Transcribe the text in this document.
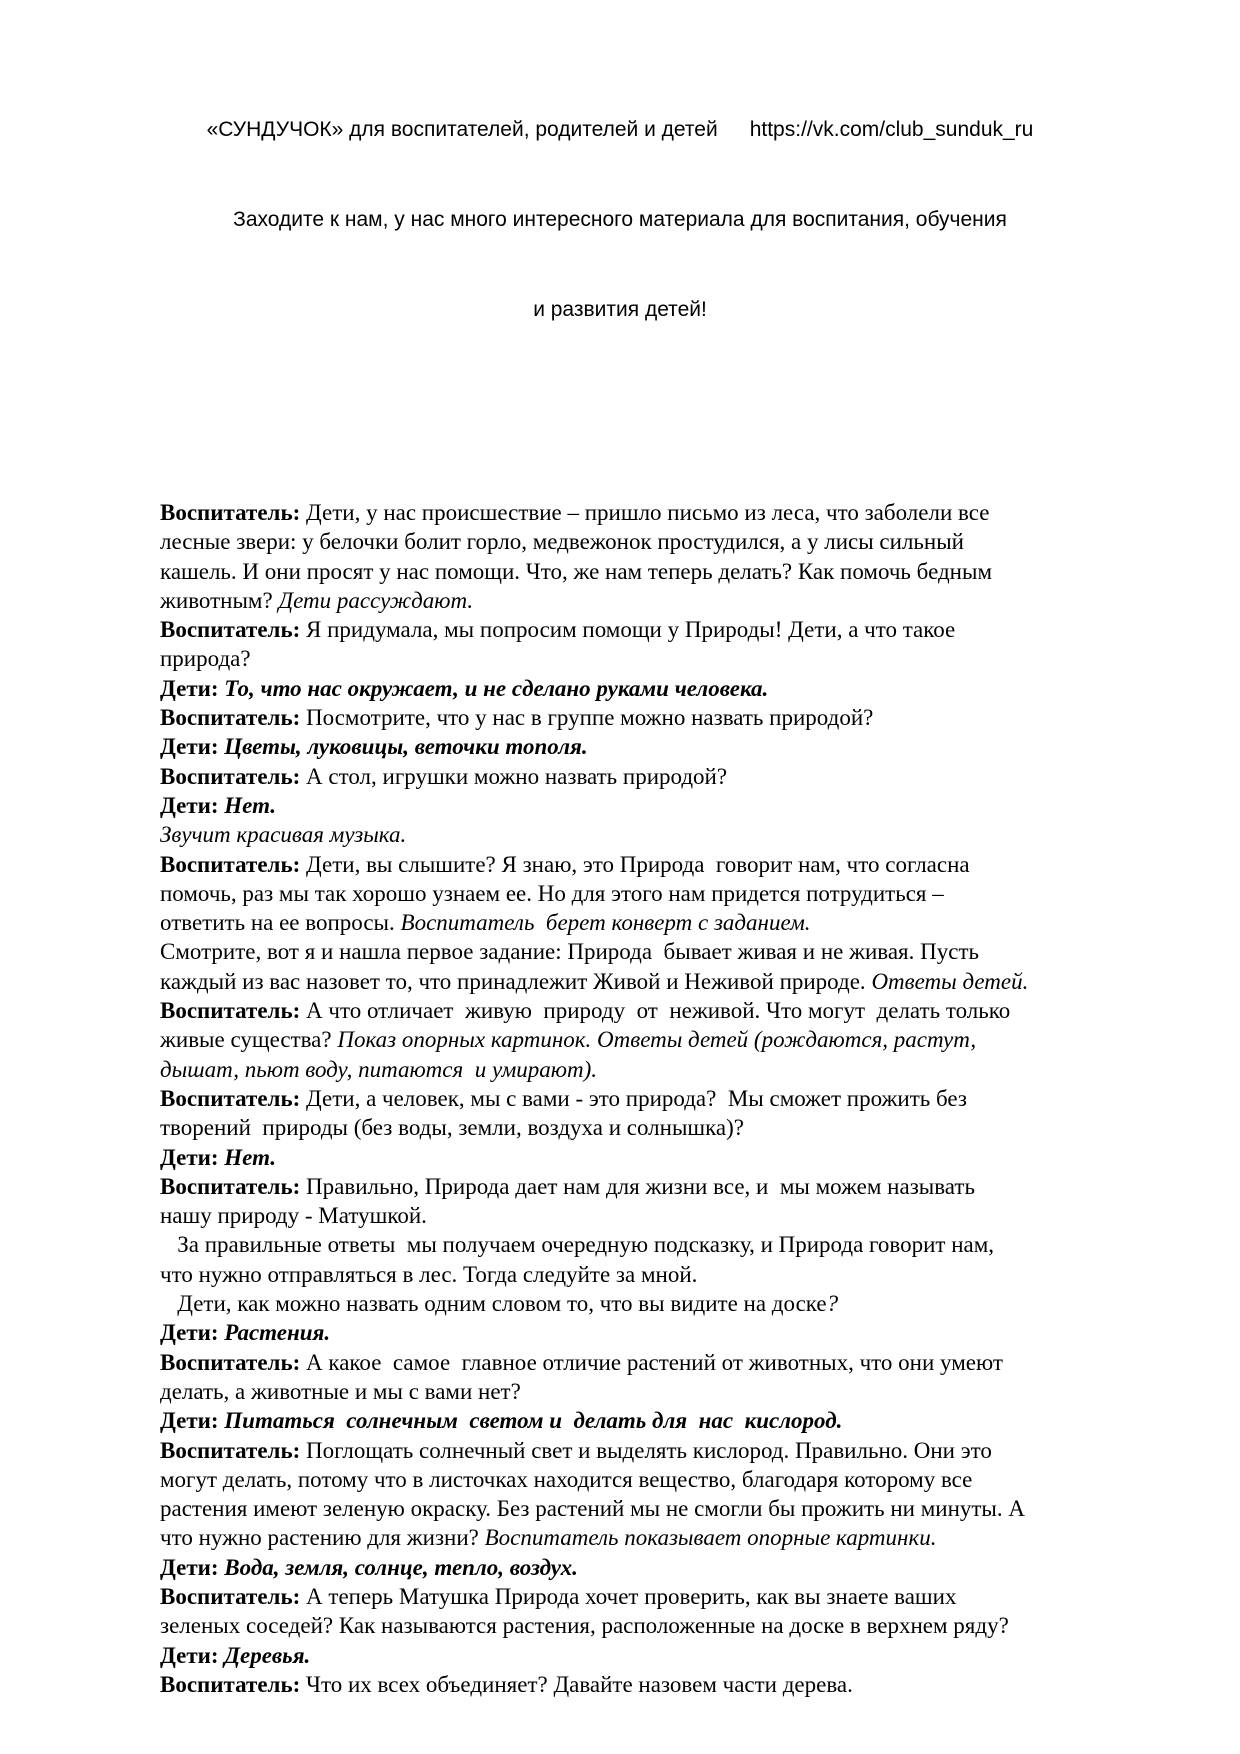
«СУНДУЧОК» для воспитателей, родителей и детей https://vk.com/club_sunduk_ru

Заходите к нам, у нас много интересного материала для воспитания, обучения

и развития детей!

Воспитатель: Дети, у нас происшествие – пришло письмо из леса, что заболели все лесные звери: у белочки болит горло, медвежонок простудился, а у лисы сильный кашель. И они просят у нас помощи. Что, же нам теперь делать? Как помочь бедным  животным? Дети рассуждают.

Воспитатель: Я придумала, мы попросим помощи у Природы! Дети, а что такое природа?

Дети: То, что нас окружает, и не сделано руками человека.

Воспитатель: Посмотрите, что у нас в группе можно назвать природой?

Дети: Цветы, луковицы, веточки тополя.

Воспитатель: А стол, игрушки можно назвать природой?

Дети: Нет.

Звучит красивая музыка.

Воспитатель: Дети, вы слышите? Я знаю, это Природа  говорит нам, что согласна помочь, раз мы так хорошо узнаем ее. Но для этого нам придется потрудиться – ответить на ее вопросы. Воспитатель  берет конверт с заданием.

Смотрите, вот я и нашла первое задание: Природа  бывает живая и не живая. Пусть каждый из вас назовет то, что принадлежит Живой и Неживой природе. Ответы детей.

Воспитатель: А что отличает  живую  природу  от  неживой. Что могут  делать только живые существа? Показ опорных картинок. Ответы детей (рождаются, растут, дышат, пьют воду, питаются  и умирают).

Воспитатель: Дети, а человек, мы с вами - это природа?  Мы сможет прожить без творений  природы (без воды, земли, воздуха и солнышка)?

Дети: Нет.

Воспитатель: Правильно, Природа дает нам для жизни все, и  мы можем называть нашу природу - Матушкой.

За правильные ответы  мы получаем очередную подсказку, и Природа говорит нам, что нужно отправляться в лес. Тогда следуйте за мной.

Дети, как можно назвать одним словом то, что вы видите на доске?

Дети: Растения.

Воспитатель: А какое  самое  главное отличие растений от животных, что они умеют делать, а животные и мы с вами нет?

Дети: Питаться  солнечным  светом и  делать для  нас  кислород.

Воспитатель: Поглощать солнечный свет и выделять кислород. Правильно. Они это могут делать, потому что в листочках находится вещество, благодаря которому все растения имеют зеленую окраску. Без растений мы не смогли бы прожить ни минуты. А что нужно растению для жизни? Воспитатель показывает опорные картинки.

Дети: Вода, земля, солнце, тепло, воздух.

Воспитатель: А теперь Матушка Природа хочет проверить, как вы знаете ваших зеленых соседей? Как называются растения, расположенные на доске в верхнем ряду?

Дети: Деревья.

Воспитатель: Что их всех объединяет? Давайте назовем части дерева.
